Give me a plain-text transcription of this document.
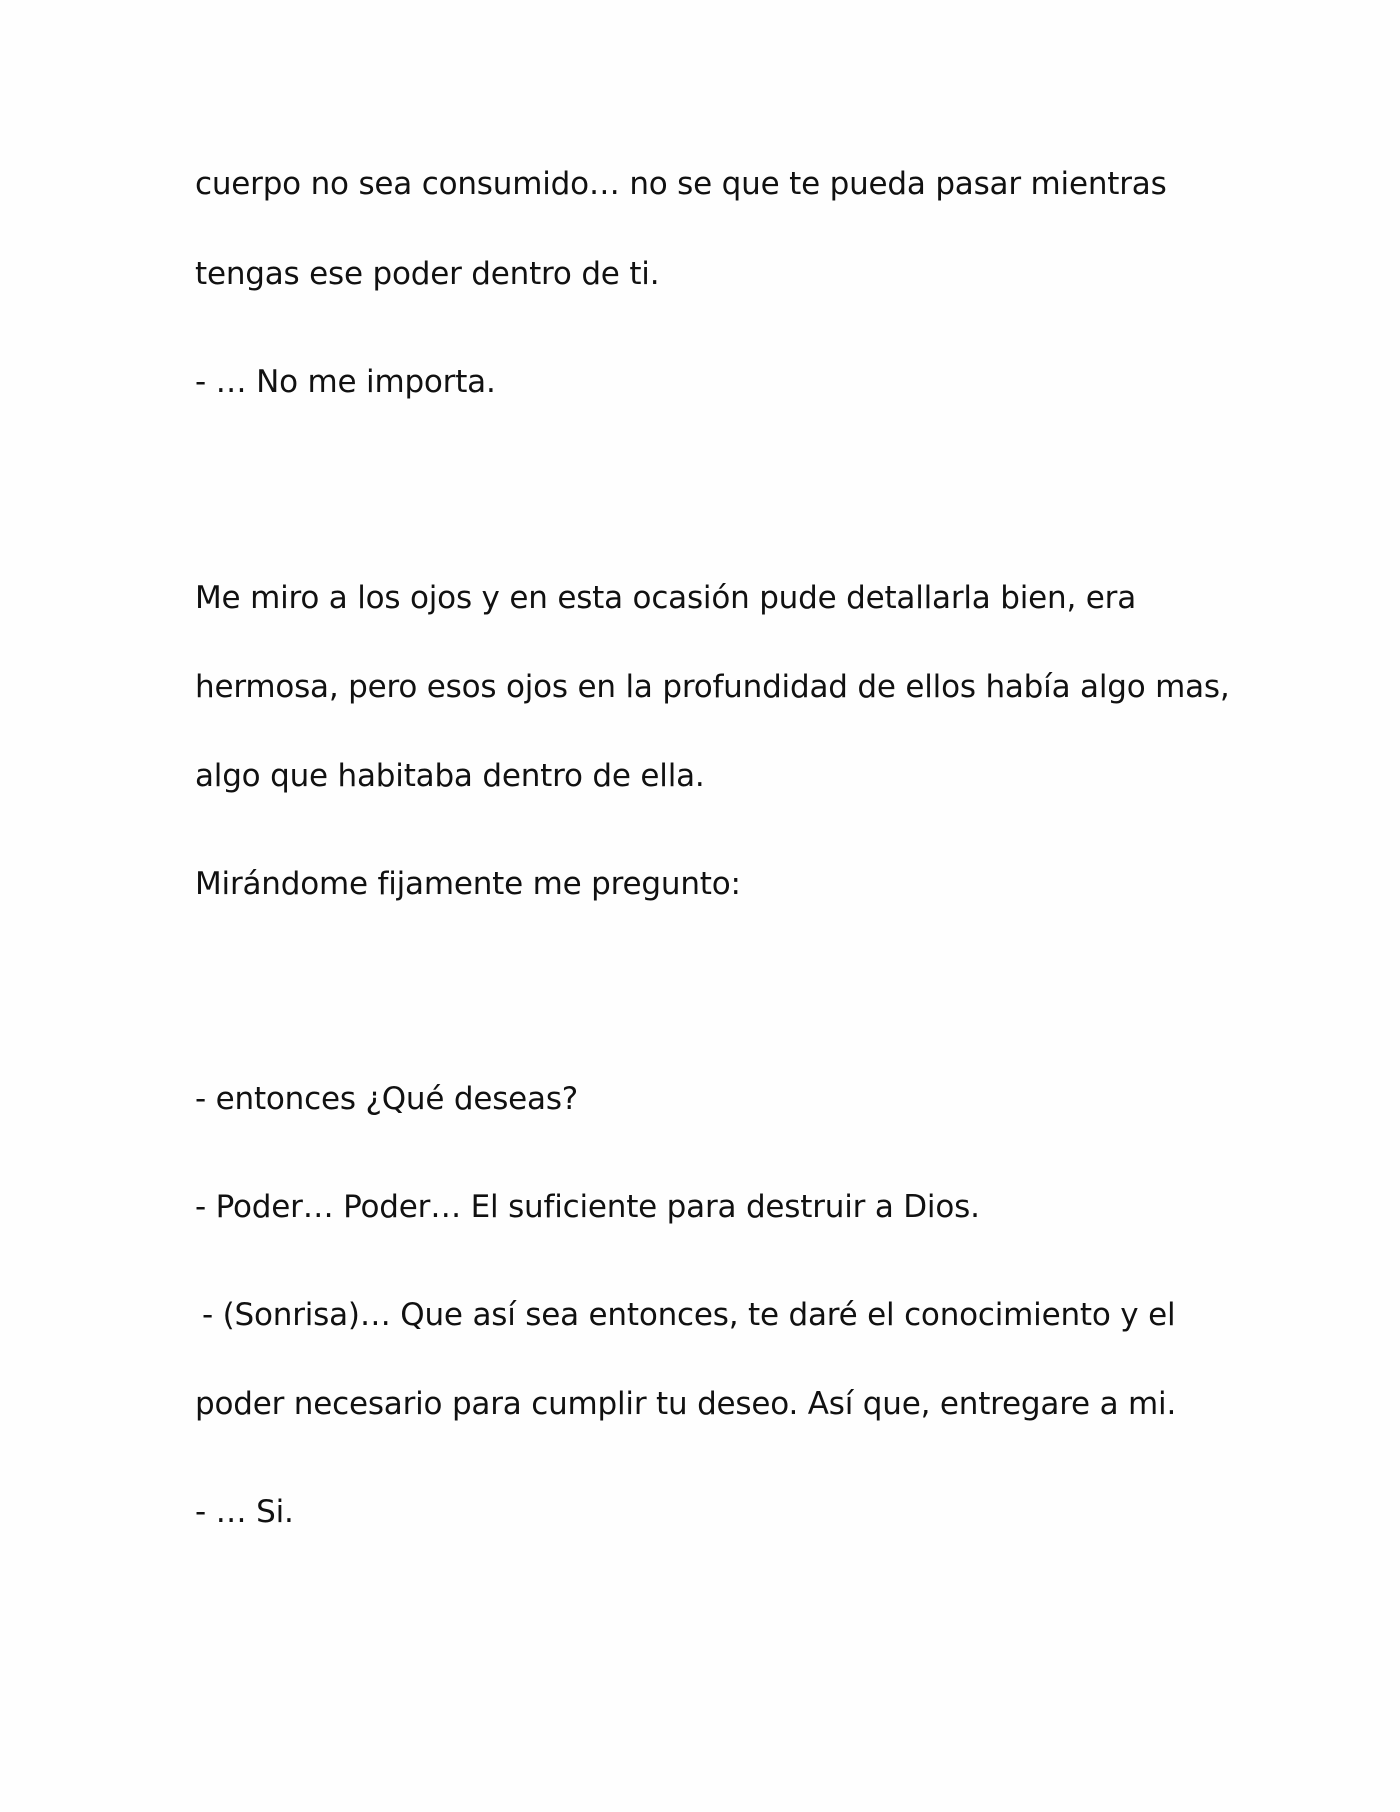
cuerpo no sea consumido… no se que te pueda pasar mientras

tengas ese poder dentro de ti.

- … No me importa.

Me miro a los ojos y en esta ocasión pude detallarla bien, era

hermosa, pero esos ojos en la profundidad de ellos había algo mas,

algo que habitaba dentro de ella.

Mirándome fijamente me pregunto:

- entonces ¿Qué deseas?

- Poder… Poder… El suficiente para destruir a Dios.

- (Sonrisa)… Que así sea entonces, te daré el conocimiento y el

poder necesario para cumplir tu deseo. Así que, entregare a mi.

- … Si.
